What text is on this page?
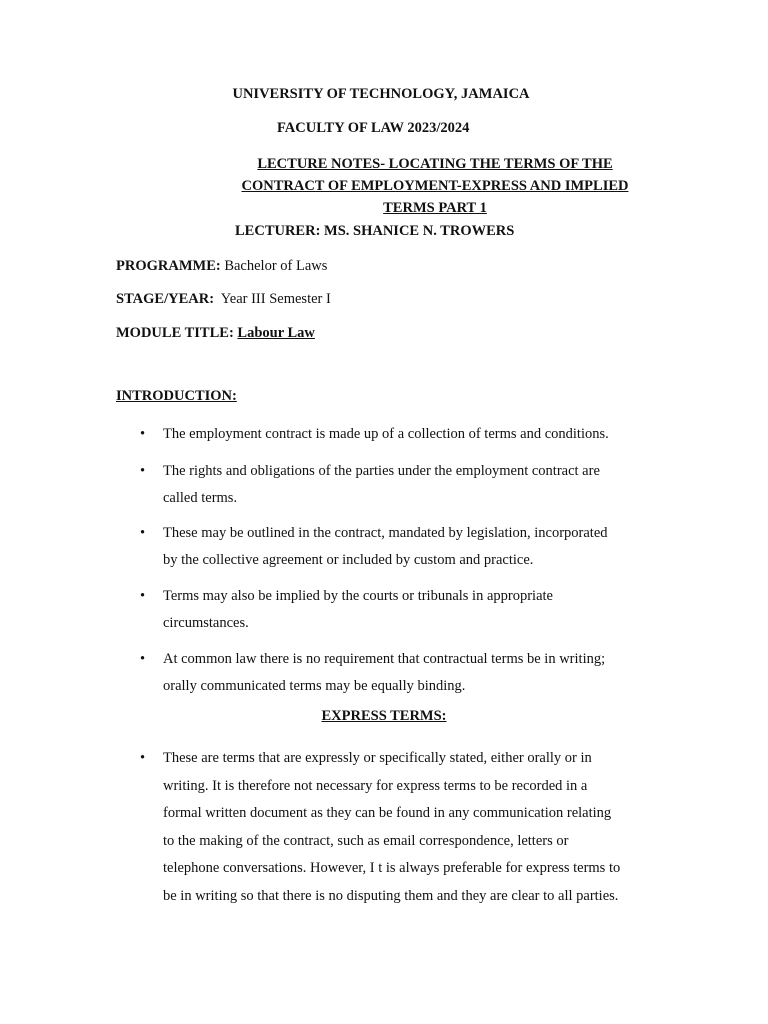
UNIVERSITY OF TECHNOLOGY, JAMAICA
FACULTY OF LAW 2023/2024
LECTURE NOTES- LOCATING THE TERMS OF THE
CONTRACT OF EMPLOYMENT-EXPRESS AND IMPLIED
TERMS PART 1
LECTURER: MS. SHANICE N. TROWERS
PROGRAMME: Bachelor of Laws
STAGE/YEAR: Year III Semester I
MODULE TITLE: Labour Law
INTRODUCTION:
• The employment contract is made up of a collection of terms and conditions.
• The rights and obligations of the parties under the employment contract are
called terms.
• These may be outlined in the contract, mandated by legislation, incorporated
by the collective agreement or included by custom and practice.
• Terms may also be implied by the courts or tribunals in appropriate
circumstances.
• At common law there is no requirement that contractual terms be in writing;
orally communicated terms may be equally binding.
EXPRESS TERMS:
• These are terms that are expressly or specifically stated, either orally or in
writing. It is therefore not necessary for express terms to be recorded in a
formal written document as they can be found in any communication relating
to the making of the contract, such as email correspondence, letters or
telephone conversations. However, I t is always preferable for express terms to
be in writing so that there is no disputing them and they are clear to all parties.
